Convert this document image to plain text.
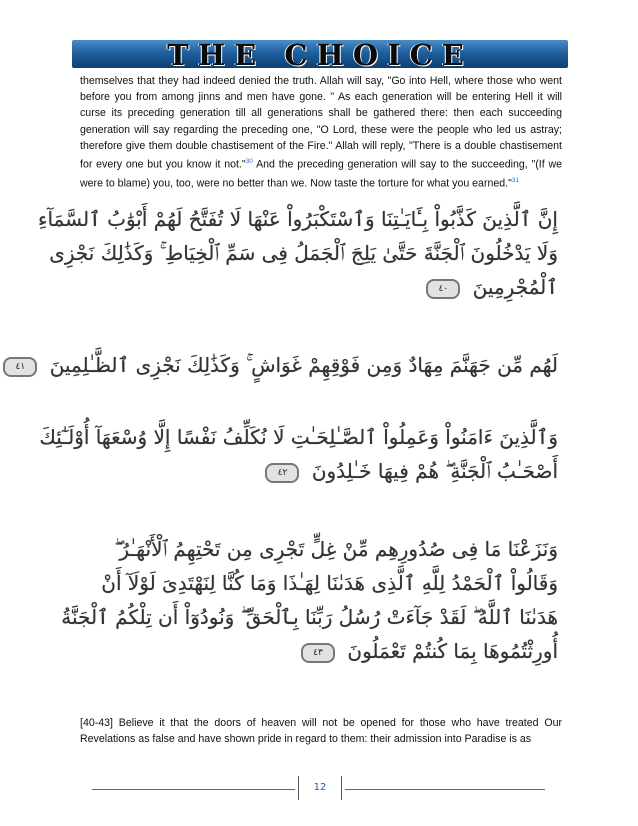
THE CHOICE

themselves that they had indeed denied the truth. Allah will say, "Go into Hell, where those who went before you from among jinns and men have gone. " As each generation will be entering Hell it will curse its preceding generation till all generations shall be gathered there: then each succeeding generation will say regarding the preceding one, "O Lord, these were the people who led us astray; therefore give them double chastisement of the Fire." Allah will reply, "There is a double chastisement for every one but you know it not."$^{30}$ And the preceding generation will say to the succeeding, "(If we were to blame) you, too, were no better than we. Now taste the torture for what you earned."$^{31}$

إِنَّ ٱلَّذِينَ كَذَّبُواْ بِـَٔايَـٰتِنَا وَٱسْتَكْبَرُواْ عَنْهَا لَا تُفَتَّحُ لَهُمْ أَبْوَٰبُ ٱلسَّمَآءِ
وَلَا يَدْخُلُونَ ٱلْجَنَّةَ حَتَّىٰ يَلِجَ ٱلْجَمَلُ فِى سَمِّ ٱلْخِيَاطِ ۚ وَكَذَٰلِكَ نَجْزِى
ٱلْمُجْرِمِينَ ٤٠
لَهُم مِّن جَهَنَّمَ مِهَادٌ وَمِن فَوْقِهِمْ غَوَاشٍ ۚ وَكَذَٰلِكَ نَجْزِى ٱلظَّـٰلِمِينَ ٤١
وَٱلَّذِينَ ءَامَنُواْ وَعَمِلُواْ ٱلصَّـٰلِحَـٰتِ لَا نُكَلِّفُ نَفْسًا إِلَّا وُسْعَهَآ أُوْلَـٰٓئِكَ
أَصْحَـٰبُ ٱلْجَنَّةِ ۖ هُمْ فِيهَا خَـٰلِدُونَ ٤٢
وَنَزَعْنَا مَا فِى صُدُورِهِم مِّنْ غِلٍّ تَجْرِى مِن تَحْتِهِمُ ٱلْأَنْهَـٰرُ ۖ
وَقَالُواْ ٱلْحَمْدُ لِلَّهِ ٱلَّذِى هَدَىٰنَا لِهَـٰذَا وَمَا كُنَّا لِنَهْتَدِىَ لَوْلَآ أَنْ
هَدَىٰنَا ٱللَّهُ ۖ لَقَدْ جَآءَتْ رُسُلُ رَبِّنَا بِٱلْحَقِّ ۖ وَنُودُوٓاْ أَن تِلْكُمُ ٱلْجَنَّةُ
أُورِثْتُمُوهَا بِمَا كُنتُمْ تَعْمَلُونَ ٤٣

[40-43] Believe it that the doors of heaven will not be opened for those who have treated Our Revelations as false and have shown pride in regard to them: their admission into Paradise is as

12
